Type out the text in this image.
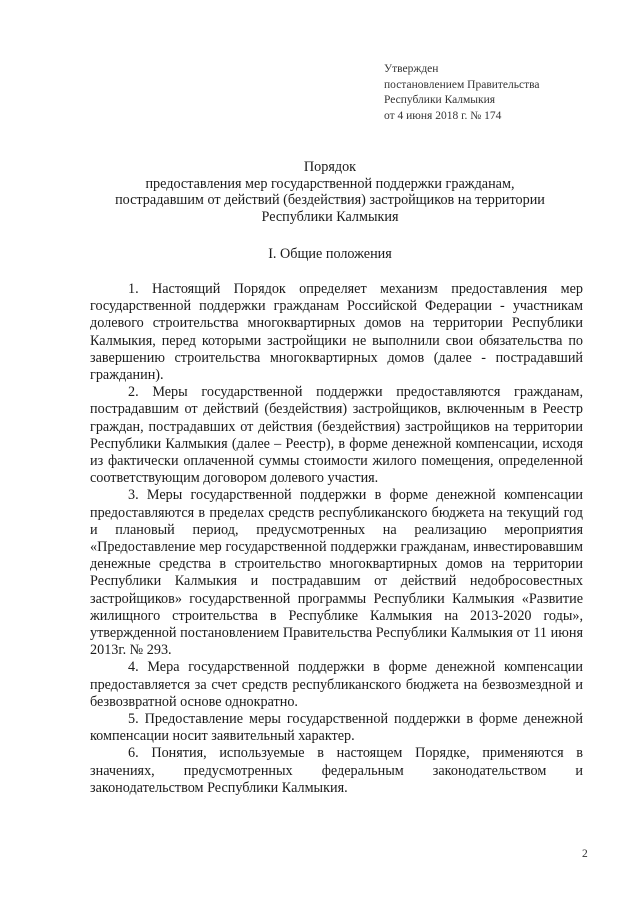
Утвержден
постановлением Правительства
Республики Калмыкия
от 4 июня 2018 г. № 174
Порядок
предоставления мер государственной поддержки гражданам,
пострадавшим от действий (бездействия) застройщиков на территории
Республики Калмыкия
I. Общие положения

1. Настоящий Порядок определяет механизм предоставления мер государственной поддержки гражданам Российской Федерации - участникам долевого строительства многоквартирных домов на территории Республики Калмыкия, перед которыми застройщики не выполнили свои обязательства по завершению строительства многоквартирных домов (далее - пострадавший гражданин).

2. Меры государственной поддержки предоставляются гражданам, пострадавшим от действий (бездействия) застройщиков, включенным в Реестр граждан, пострадавших от действия (бездействия) застройщиков на территории Республики Калмыкия (далее – Реестр), в форме денежной компенсации, исходя из фактически оплаченной суммы стоимости жилого помещения, определенной соответствующим договором долевого участия.

3. Меры государственной поддержки в форме денежной компенсации предоставляются в пределах средств республиканского бюджета на текущий год и плановый период, предусмотренных на реализацию мероприятия «Предоставление мер государственной поддержки гражданам, инвестировавшим денежные средства в строительство многоквартирных домов на территории Республики Калмыкия и пострадавшим от действий недобросовестных застройщиков» государственной программы Республики Калмыкия «Развитие жилищного строительства в Республике Калмыкия на 2013-2020 годы», утвержденной постановлением Правительства Республики Калмыкия от 11 июня 2013г. № 293.

4. Мера государственной поддержки в форме денежной компенсации предоставляется за счет средств республиканского бюджета на безвозмездной и безвозвратной основе однократно.

5. Предоставление меры государственной поддержки в форме денежной компенсации носит заявительный характер.

6. Понятия, используемые в настоящем Порядке, применяются в значениях, предусмотренных федеральным законодательством и законодательством Республики Калмыкия.

2
